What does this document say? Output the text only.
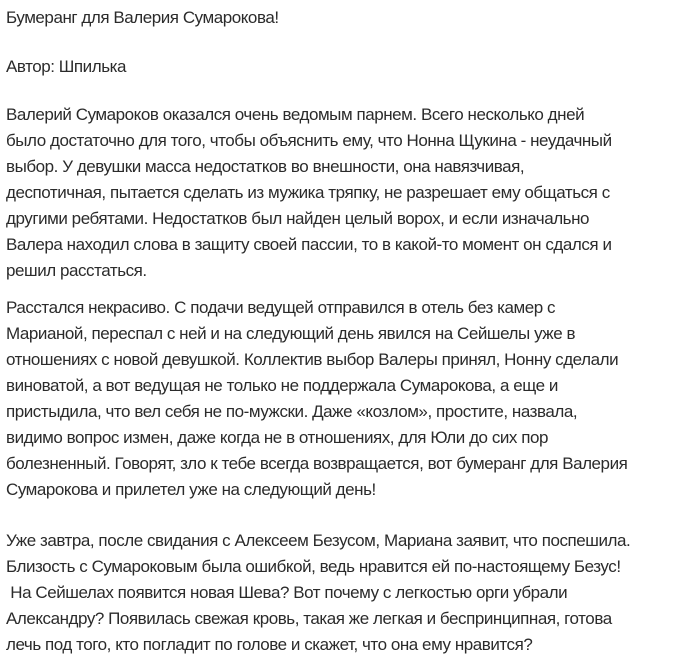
Бумеранг для Валерия Сумарокова!
Автор: Шпилька
Валерий Сумароков оказался очень ведомым парнем. Всего несколько дней
было достаточно для того, чтобы объяснить ему, что Нонна Щукина - неудачный
выбор. У девушки масса недостатков во внешности, она навязчивая,
деспотичная, пытается сделать из мужика тряпку, не разрешает ему общаться с
другими ребятами. Недостатков был найден целый ворох, и если изначально
Валера находил слова в защиту своей пассии, то в какой-то момент он сдался и
решил расстаться.
Расстался некрасиво. С подачи ведущей отправился в отель без камер с
Марианой, переспал с ней и на следующий день явился на Сейшелы уже в
отношениях с новой девушкой. Коллектив выбор Валеры принял, Нонну сделали
виноватой, а вот ведущая не только не поддержала Сумарокова, а еще и
пристыдила, что вел себя не по-мужски. Даже «козлом», простите, назвала,
видимо вопрос измен, даже когда не в отношениях, для Юли до сих пор
болезненный. Говорят, зло к тебе всегда возвращается, вот бумеранг для Валерия
Сумарокова и прилетел уже на следующий день!
Уже завтра, после свидания с Алексеем Безусом, Мариана заявит, что поспешила.
Близость с Сумароковым была ошибкой, ведь нравится ей по-настоящему Безус!
На Сейшелах появится новая Шева? Вот почему с легкостью орги убрали
Александру? Появилась свежая кровь, такая же легкая и беспринципная, готова
лечь под того, кто погладит по голове и скажет, что она ему нравится?
